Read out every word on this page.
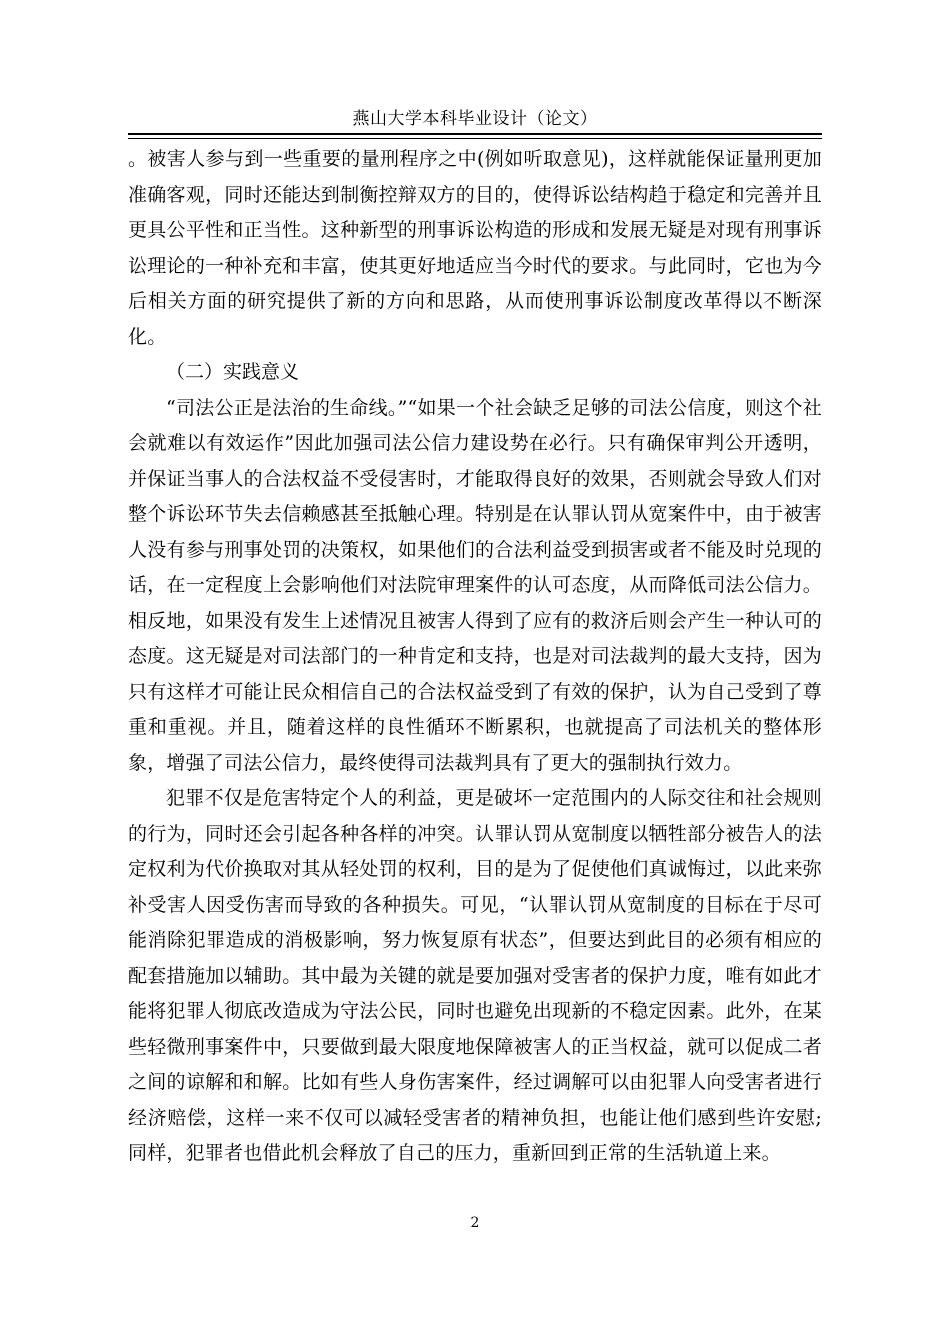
燕山大学本科毕业设计（论文）

。被害人参与到一些重要的量刑程序之中(例如听取意见)，这样就能保证量刑更加准确客观，同时还能达到制衡控辩双方的目的，使得诉讼结构趋于稳定和完善并且更具公平性和正当性。这种新型的刑事诉讼构造的形成和发展无疑是对现有刑事诉讼理论的一种补充和丰富，使其更好地适应当今时代的要求。与此同时，它也为今后相关方面的研究提供了新的方向和思路，从而使刑事诉讼制度改革得以不断深化。

（二）实践意义

“司法公正是法治的生命线。”“如果一个社会缺乏足够的司法公信度，则这个社会就难以有效运作”因此加强司法公信力建设势在必行。只有确保审判公开透明，并保证当事人的合法权益不受侵害时，才能取得良好的效果，否则就会导致人们对整个诉讼环节失去信赖感甚至抵触心理。特别是在认罪认罚从宽案件中，由于被害人没有参与刑事处罚的决策权，如果他们的合法利益受到损害或者不能及时兑现的话，在一定程度上会影响他们对法院审理案件的认可态度，从而降低司法公信力。相反地，如果没有发生上述情况且被害人得到了应有的救济后则会产生一种认可的态度。这无疑是对司法部门的一种肯定和支持，也是对司法裁判的最大支持，因为只有这样才可能让民众相信自己的合法权益受到了有效的保护，认为自己受到了尊重和重视。并且，随着这样的良性循环不断累积，也就提高了司法机关的整体形象，增强了司法公信力，最终使得司法裁判具有了更大的强制执行效力。

犯罪不仅是危害特定个人的利益，更是破坏一定范围内的人际交往和社会规则的行为，同时还会引起各种各样的冲突。认罪认罚从宽制度以牺牲部分被告人的法定权利为代价换取对其从轻处罚的权利，目的是为了促使他们真诚悔过，以此来弥补受害人因受伤害而导致的各种损失。可见，“认罪认罚从宽制度的目标在于尽可能消除犯罪造成的消极影响，努力恢复原有状态”，但要达到此目的必须有相应的配套措施加以辅助。其中最为关键的就是要加强对受害者的保护力度，唯有如此才能将犯罪人彻底改造成为守法公民，同时也避免出现新的不稳定因素。此外，在某些轻微刑事案件中，只要做到最大限度地保障被害人的正当权益，就可以促成二者之间的谅解和和解。比如有些人身伤害案件，经过调解可以由犯罪人向受害者进行经济赔偿，这样一来不仅可以减轻受害者的精神负担，也能让他们感到些许安慰;同样，犯罪者也借此机会释放了自己的压力，重新回到正常的生活轨道上来。

2
